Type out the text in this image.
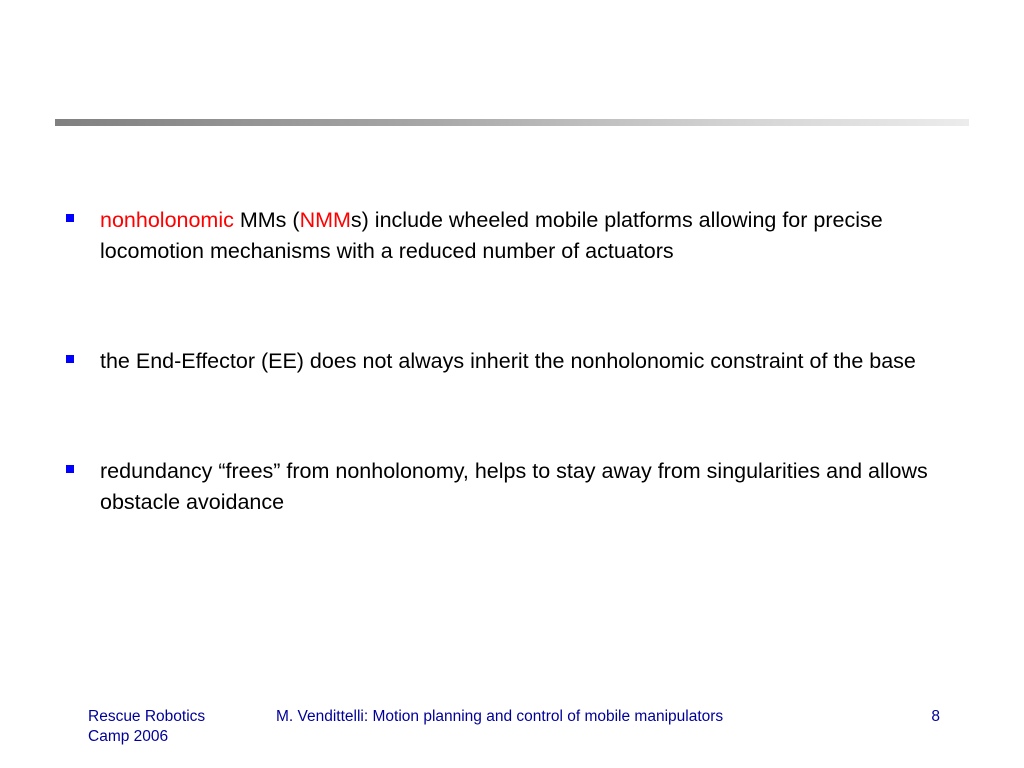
nonholonomic MMs (NMMs) include wheeled mobile platforms allowing for precise locomotion mechanisms with a reduced number of actuators
the End-Effector (EE) does not always inherit the nonholonomic constraint of the base
redundancy “frees” from nonholonomy, helps to stay away from singularities and allows obstacle avoidance
Rescue Robotics
Camp 2006
M. Vendittelli: Motion planning and control of mobile manipulators	8
